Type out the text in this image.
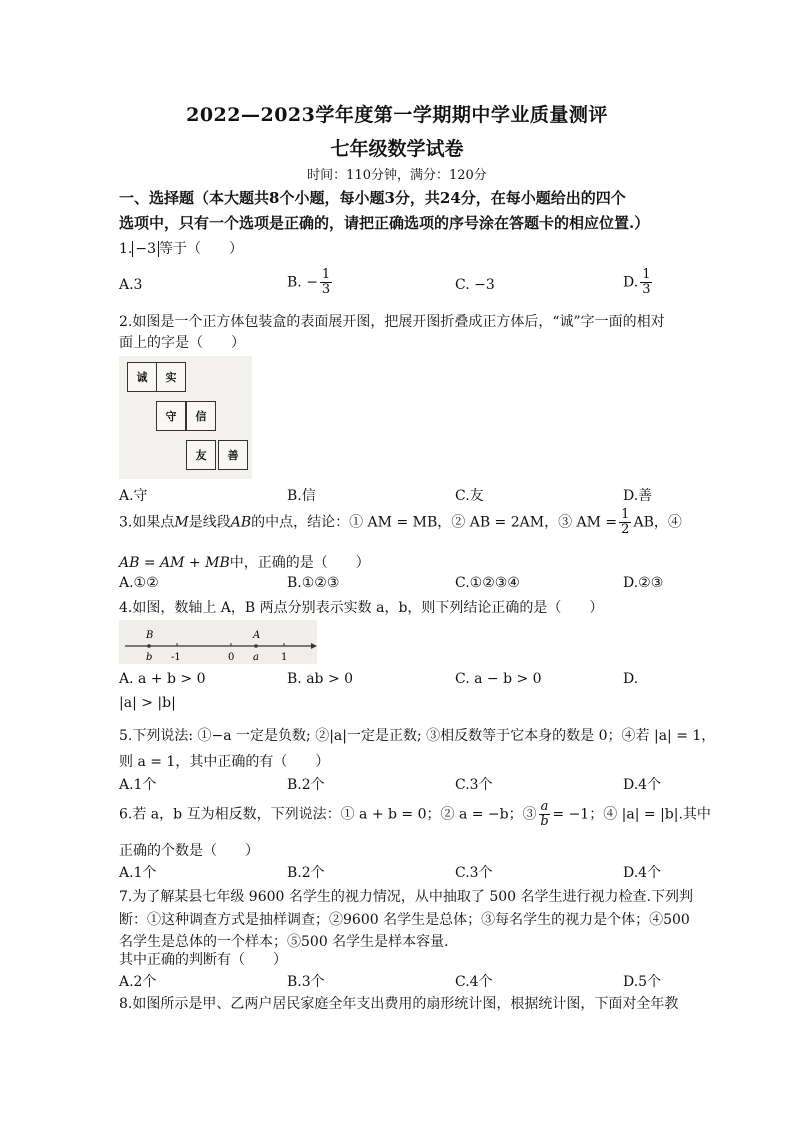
2022—2023学年度第一学期期中学业质量测评
七年级数学试卷
时间：110分钟，满分：120分
一、选择题（本大题共8个小题，每小题3分，共24分，在每小题给出的四个
选项中，只有一个选项是正确的，请把正确选项的序号涂在答题卡的相应位置.）
1. −3 等于（　　）
A.3	B. − $\frac{1}{3}$	C. −3	D. $\frac{1}{3}$
2.如图是一个正方体包装盒的表面展开图，把展开图折叠成正方体后，“诚”字一面的相对
面上的字是（　　）
诚	实
守	信
友	善
A.守	B.信	C.友	D.善
3.如果点M是线段AB的中点，结论：① AM = MB，② AB = 2AM，③ AM = $\frac{1}{2}$ AB，④
AB = AM + MB中，正确的是（　　）
A.①②	B.①②③	C.①②③④	D.②③
4.如图，数轴上 A，B 两点分别表示实数 a，b，则下列结论正确的是（　　）
B	A
b -1	0 a 1
A. a + b > 0	B. ab > 0	C. a − b > 0	D.
|a| > |b|
5.下列说法: ①−a 一定是负数; ②|a|一定是正数; ③相反数等于它本身的数是 0；④若 |a| = 1，
则 a = 1，其中正确的有（　　）
A.1个	B.2个	C.3个	D.4个
6.若 a，b 互为相反数，下列说法：① a + b = 0；② a = −b；③ $\frac{a}{b} = -1$；④ |a| = |b|.其中
正确的个数是（　　）
A.1个	B.2个	C.3个	D.4个
7.为了解某县七年级 9600 名学生的视力情况，从中抽取了 500 名学生进行视力检查.下列判
断：①这种调查方式是抽样调查；②9600 名学生是总体；③每名学生的视力是个体；④500
名学生是总体的一个样本；⑤500 名学生是样本容量.
其中正确的判断有（　　）
A.2个	B.3个	C.4个	D.5个
8.如图所示是甲、乙两户居民家庭全年支出费用的扇形统计图，根据统计图，下面对全年教
